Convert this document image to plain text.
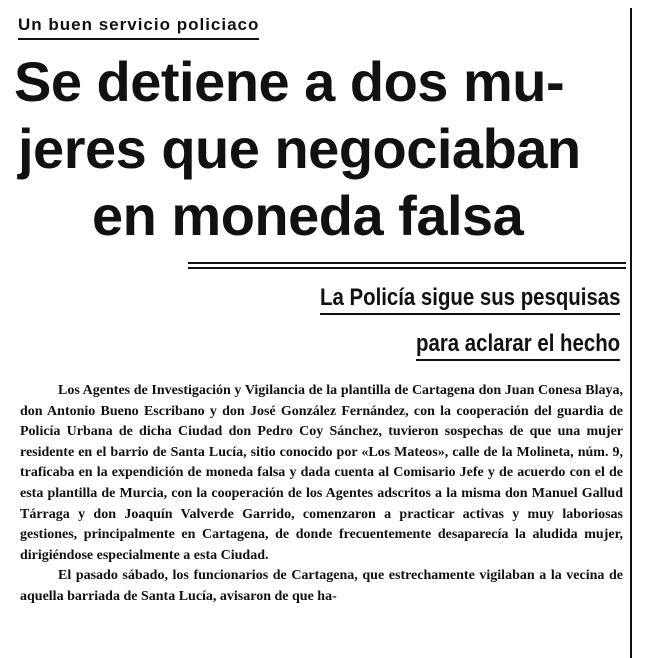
Un buen servicio policiaco
Se detiene a dos mu-
jeres que negociaban
en moneda falsa
La Policía sigue sus pesquisas
para aclarar el hecho

Los Agentes de Investigación y Vigilancia de la plantilla de Cartagena don Juan Conesa Blaya, don Antonio Bueno Escribano y don José González Fernández, con la cooperación del guardia de Policía Urbana de dicha Ciudad don Pedro Coy Sánchez, tuvieron sospechas de que una mujer residente en el barrio de Santa Lucía, sitio conocido por «Los Mateos», calle de la Molineta, núm. 9, traficaba en la expendición de moneda falsa y dada cuenta al Comisario Jefe y de acuerdo con el de esta plantilla de Murcia, con la cooperación de los Agentes adscritos a la misma don Manuel Gallud Tárraga y don Joaquín Valverde Garrido, comenzaron a practicar activas y muy laboriosas gestiones, principalmente en Cartagena, de donde frecuentemente desaparecía la aludida mujer, dirigiéndose especialmente a esta Ciudad.

El pasado sábado, los funcionarios de Cartagena, que estrechamente vigilaban a la vecina de aquella barriada de Santa Lucía, avisaron de que ha-
